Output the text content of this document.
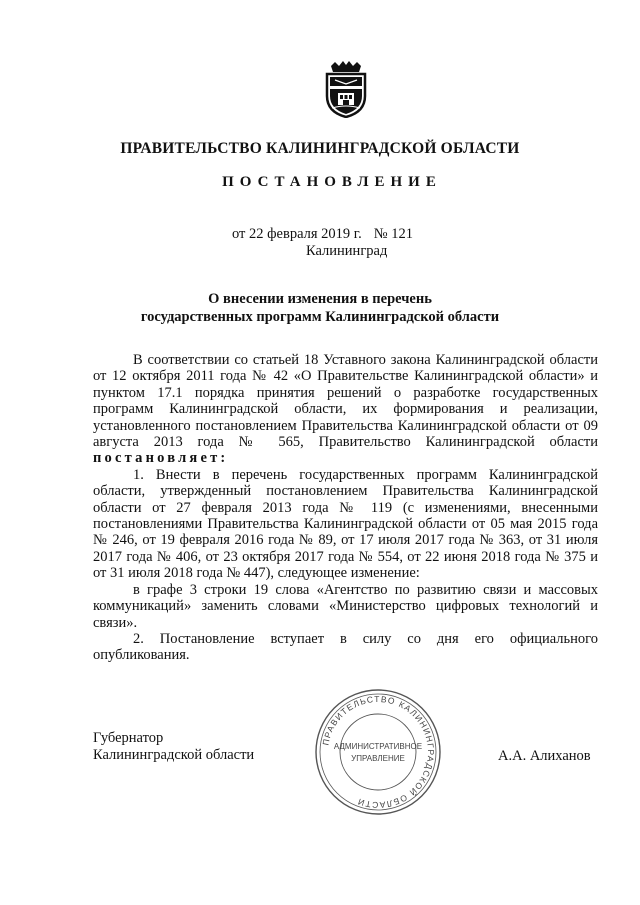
ПРАВИТЕЛЬСТВО КАЛИНИНГРАДСКОЙ ОБЛАСТИ
ПОСТАНОВЛЕНИЕ
от 22 февраля 2019 г. № 121
Калининград
О внесении изменения в перечень
государственных программ Калининградской области

В соответствии со статьей 18 Уставного закона Калининградской области от 12 октября 2011 года № 42 «О Правительстве Калининградской области» и пунктом 17.1 порядка принятия решений о разработке государственных программ Калининградской области, их формирования и реализации, установленного постановлением Правительства Калининградской области от 09 августа 2013 года № 565, Правительство Калининградской области постановляет:

1. Внести в перечень государственных программ Калининградской области, утвержденный постановлением Правительства Калининградской области от 27 февраля 2013 года № 119 (с изменениями, внесенными постановлениями Правительства Калининградской области от 05 мая 2015 года № 246, от 19 февраля 2016 года № 89, от 17 июля 2017 года № 363, от 31 июля 2017 года № 406, от 23 октября 2017 года № 554, от 22 июня 2018 года № 375 и от 31 июля 2018 года № 447), следующее изменение:

в графе 3 строки 19 слова «Агентство по развитию связи и массовых коммуникаций» заменить словами «Министерство цифровых технологий и связи».

2. Постановление вступает в силу со дня его официального опубликования.

Губернатор
Калининградской области	А.А. Алиханов
ПРАВИТЕЛЬСТВО КАЛИНИНГРАДСКОЙ ОБЛАСТИ
АДМИНИСТРАТИВНОЕ
УПРАВЛЕНИЕ
